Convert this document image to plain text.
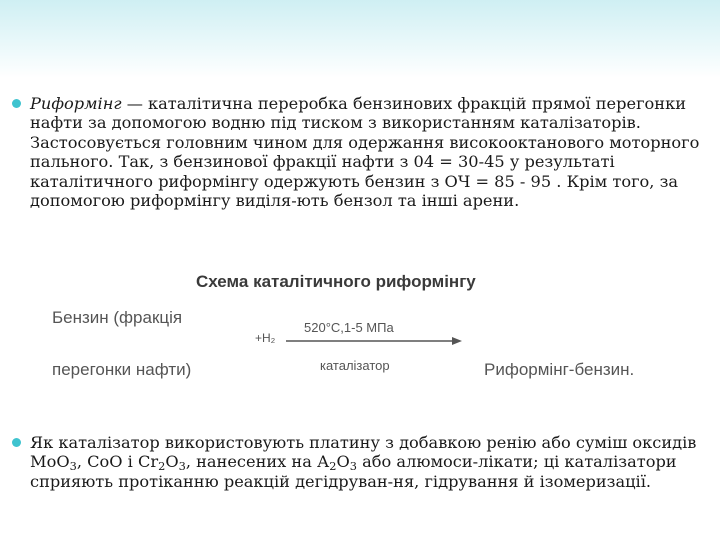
Риформінг — каталітична переробка бензинових фракцій прямої перегонки нафти за допомогою водню під тиском з використанням каталізаторів. Застосовується головним чином для одержання високооктанового моторного пального. Так, з бензинової фракції нафти з 04 = 30-45 у результаті каталітичного риформінгу одержують бензин з ОЧ = 85 - 95 . Крім того, за допомогою риформінгу виділя-ють бензол та інші арени.
Схема каталітичного риформінгу
Бензин (фракція
перегонки нафти)
+H₂
520°C,1-5 МПа
каталізатор	Риформінг-бензин.
Як каталізатор використовують платину з добавкою ренію або суміш оксидів МоО$_3$, СоО і $Сr_2О_3$, нанесених на $А_2О_3$ або алюмоси-лікати; ці каталізатори сприяють протіканню реакцій дегідруван-ня, гідрування й ізомеризації.
